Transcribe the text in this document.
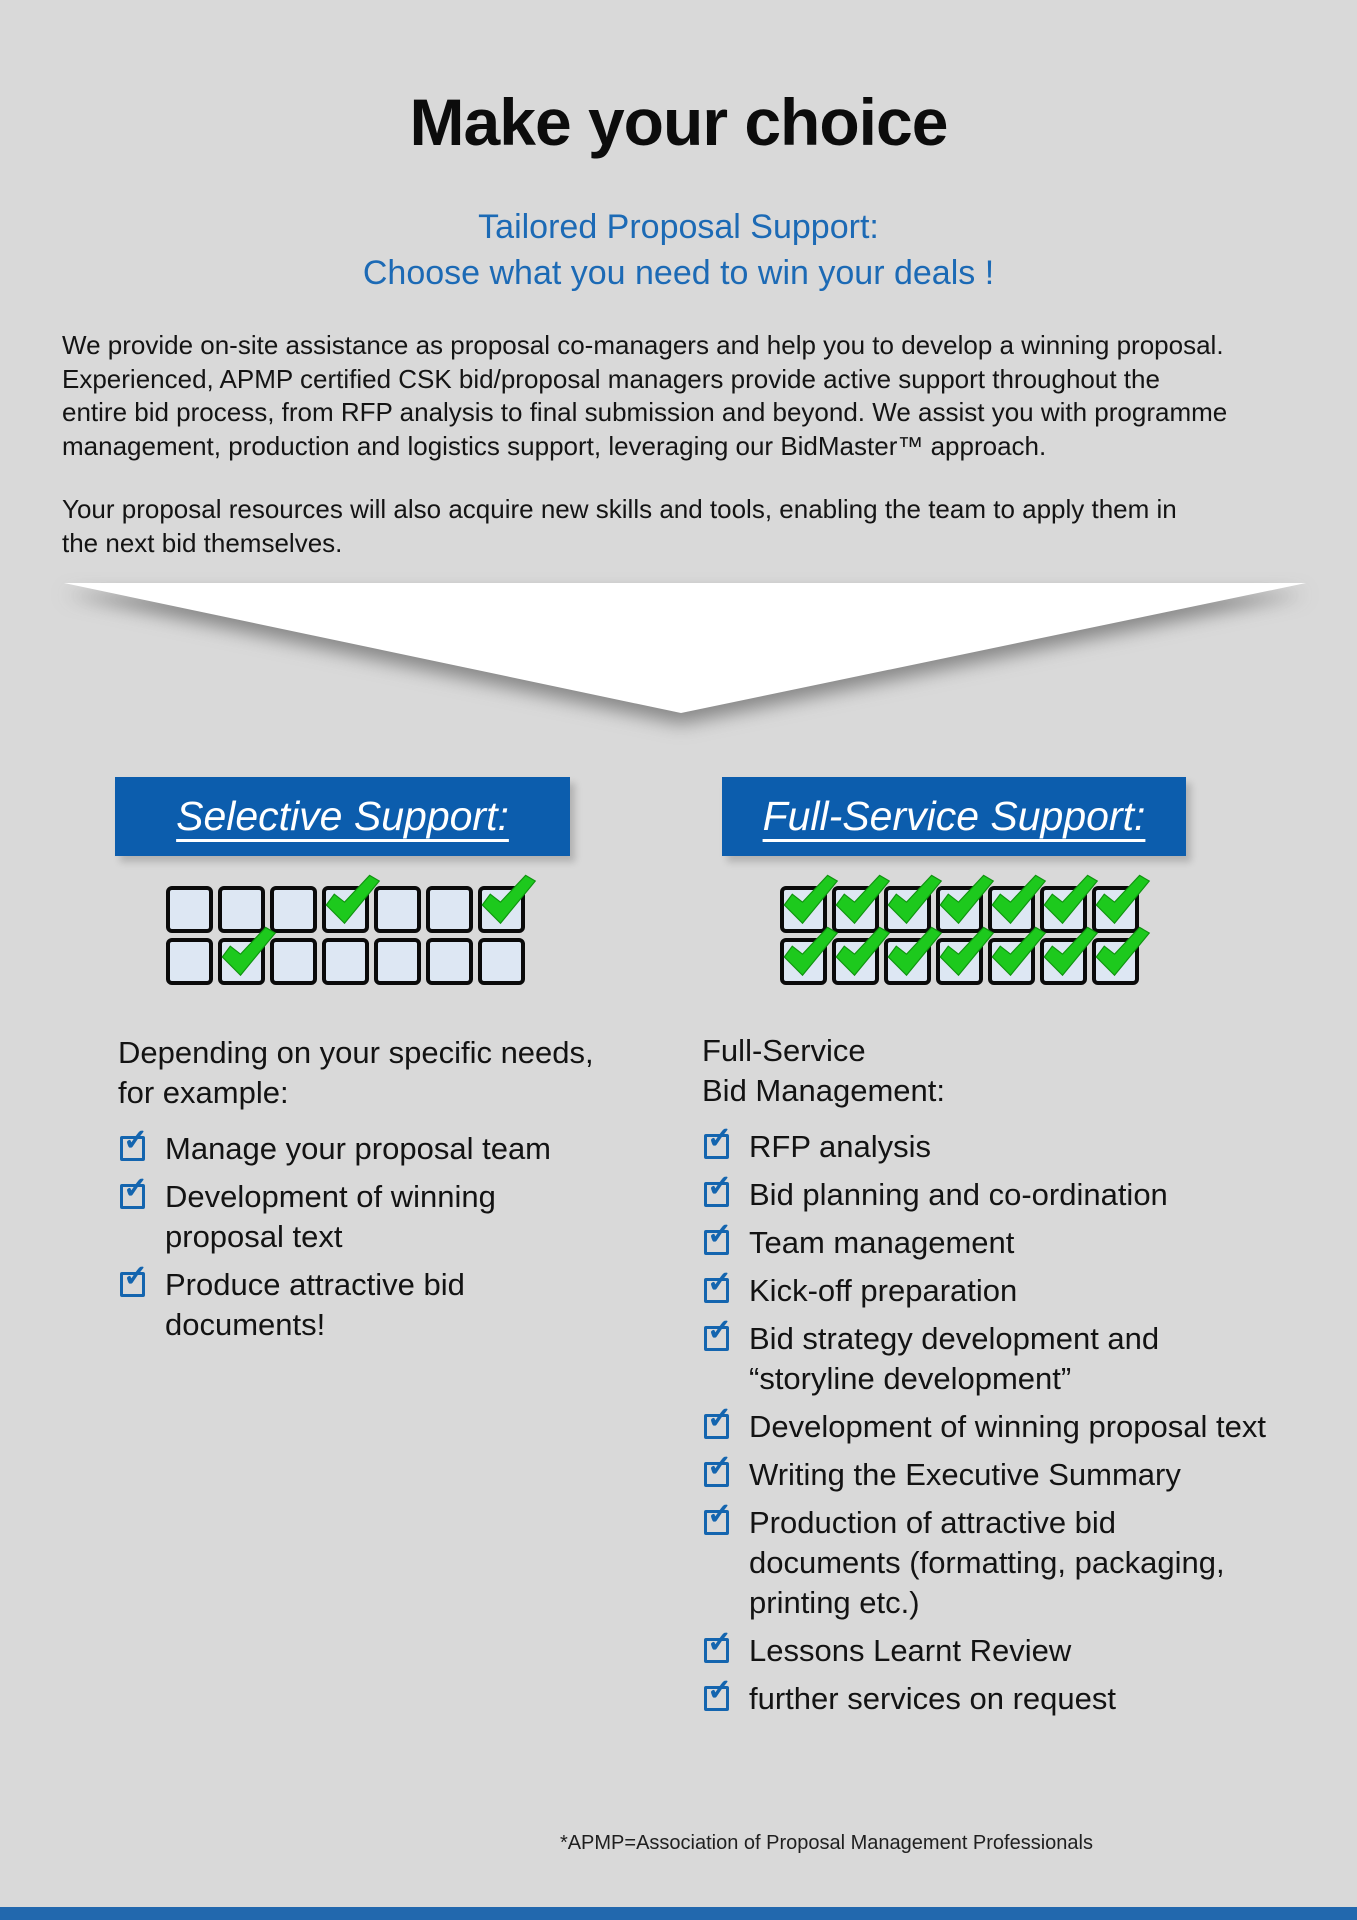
Make your choice
Tailored Proposal Support:
Choose what you need to win your deals !

We provide on-site assistance as proposal co-managers and help you to develop a winning proposal.
Experienced, APMP certified CSK bid/proposal managers provide active support throughout the
entire bid process, from RFP analysis to final submission and beyond. We assist you with programme
management, production and logistics support, leveraging our BidMaster™ approach.

Your proposal resources will also acquire new skills and tools, enabling the team to apply them in
the next bid themselves.

Selective Support:	Full-Service Support:

Depending on your specific needs,
for example:

✓ Manage your proposal team
✓ Development of winning
proposal text
✓ Produce attractive bid
documents!

Full-Service
Bid Management:

✓ RFP analysis
✓ Bid planning and co-ordination
✓ Team management
✓ Kick-off preparation
✓ Bid strategy development and
“storyline development”
✓ Development of winning proposal text
✓ Writing the Executive Summary
✓ Production of attractive bid
documents (formatting, packaging,
printing etc.)
✓ Lessons Learnt Review
✓ further services on request
*APMP=Association of Proposal Management Professionals
